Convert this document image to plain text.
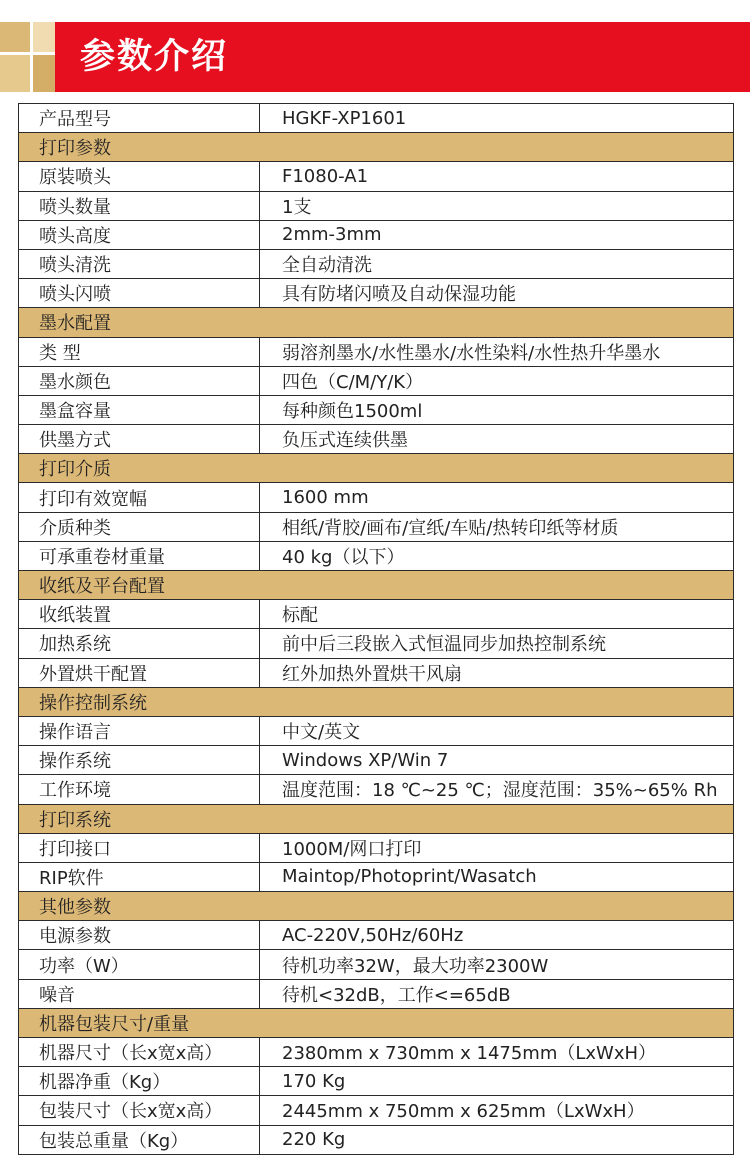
参数介绍
产品型号	HGKF-XP1601
打印参数	
原装喷头	F1080-A1
喷头数量	1支
喷头高度	2mm-3mm
喷头清洗	全自动清洗
喷头闪喷	具有防堵闪喷及自动保湿功能
墨水配置	
类 型	弱溶剂墨水/水性墨水/水性染料/水性热升华墨水
墨水颜色	四色（C/M/Y/K）
墨盒容量	每种颜色1500ml
供墨方式	负压式连续供墨
打印介质	
打印有效宽幅	1600 mm
介质种类	相纸/背胶/画布/宣纸/车贴/热转印纸等材质
可承重卷材重量	40 kg（以下）
收纸及平台配置	
收纸装置	标配
加热系统	前中后三段嵌入式恒温同步加热控制系统
外置烘干配置	红外加热外置烘干风扇
操作控制系统	
操作语言	中文/英文
操作系统	Windows XP/Win 7
工作环境	温度范围：18 ℃~25 ℃；湿度范围：35%~65% Rh
打印系统	
打印接口	1000M/网口打印
RIP软件	Maintop/Photoprint/Wasatch
其他参数	
电源参数	AC-220V,50Hz/60Hz
功率（W）	待机功率32W，最大功率2300W
噪音	待机<32dB，工作<=65dB
机器包装尺寸/重量	
机器尺寸（长x宽x高）	2380mm x 730mm x 1475mm（LxWxH）
机器净重（Kg）	170 Kg
包装尺寸（长x宽x高）	2445mm x 750mm x 625mm（LxWxH）
包装总重量（Kg）	220 Kg
